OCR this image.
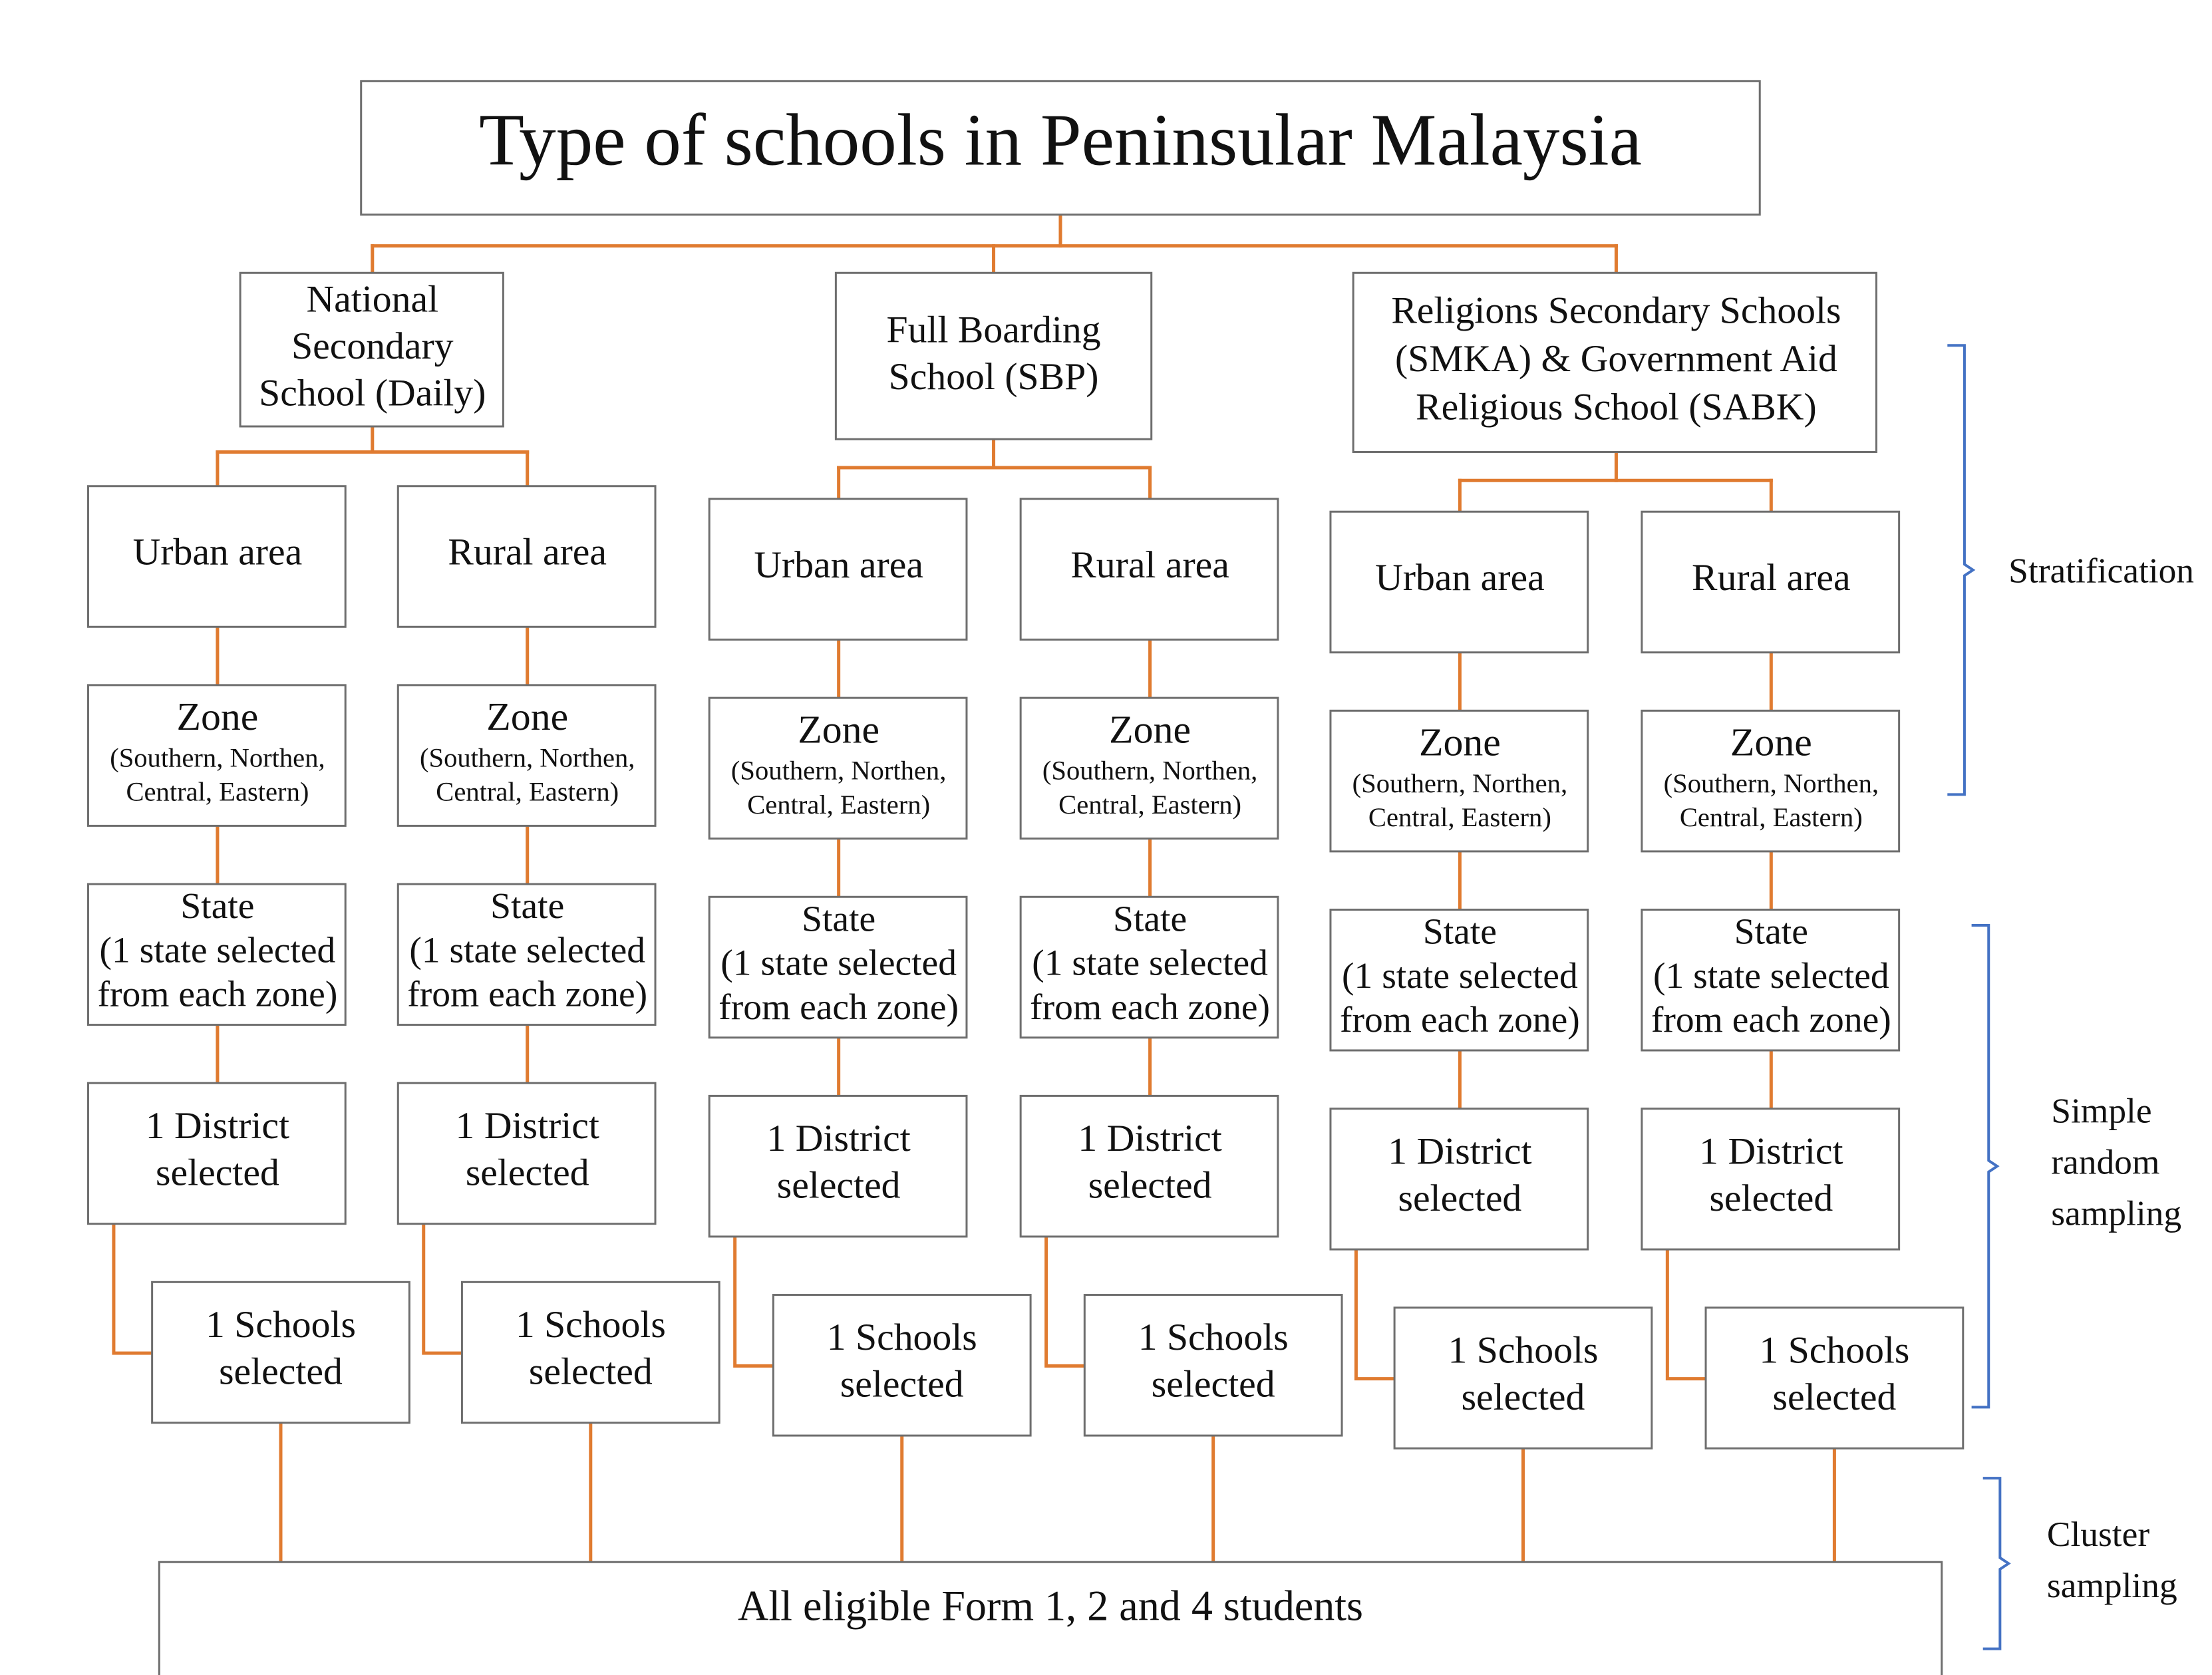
Stratification
Simple
random
sampling
Cluster
sampling
Type of schools in Peninsular Malaysia
National
Secondary
School (Daily)
Urban area
Zone
(Southern, Northen,
Central, Eastern)
State
(1 state selected
from each zone)
1 District
selected
1 Schools
selected
Rural area
Zone
(Southern, Northen,
Central, Eastern)
State
(1 state selected
from each zone)
1 District
selected
1 Schools
selected
Full Boarding
School (SBP)
Urban area
Zone
(Southern, Northen,
Central, Eastern)
State
(1 state selected
from each zone)
1 District
selected
1 Schools
selected
Rural area
Zone
(Southern, Northen,
Central, Eastern)
State
(1 state selected
from each zone)
1 District
selected
1 Schools
selected
Religions Secondary Schools
(SMKA) & Government Aid
Religious School (SABK)
Urban area
Zone
(Southern, Northen,
Central, Eastern)
State
(1 state selected
from each zone)
1 District
selected
1 Schools
selected
Rural area
Zone
(Southern, Northen,
Central, Eastern)
State
(1 state selected
from each zone)
1 District
selected
1 Schools
selected
All eligible Form 1, 2 and 4 students
